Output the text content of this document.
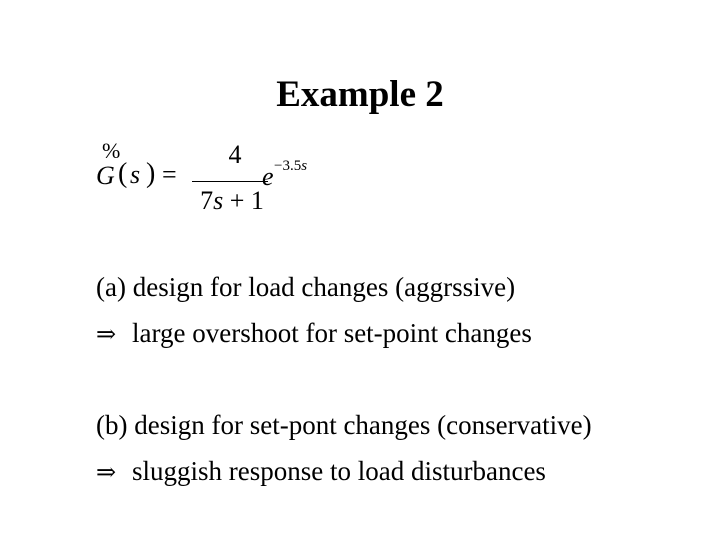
Example 2
G
%
( s ) =
4
7s + 1
e −3.5s
(a) design for load changes (aggrssive)
⇒ large overshoot for set-point changes
(b) design for set-pont changes (conservative)
⇒ sluggish response to load disturbances
